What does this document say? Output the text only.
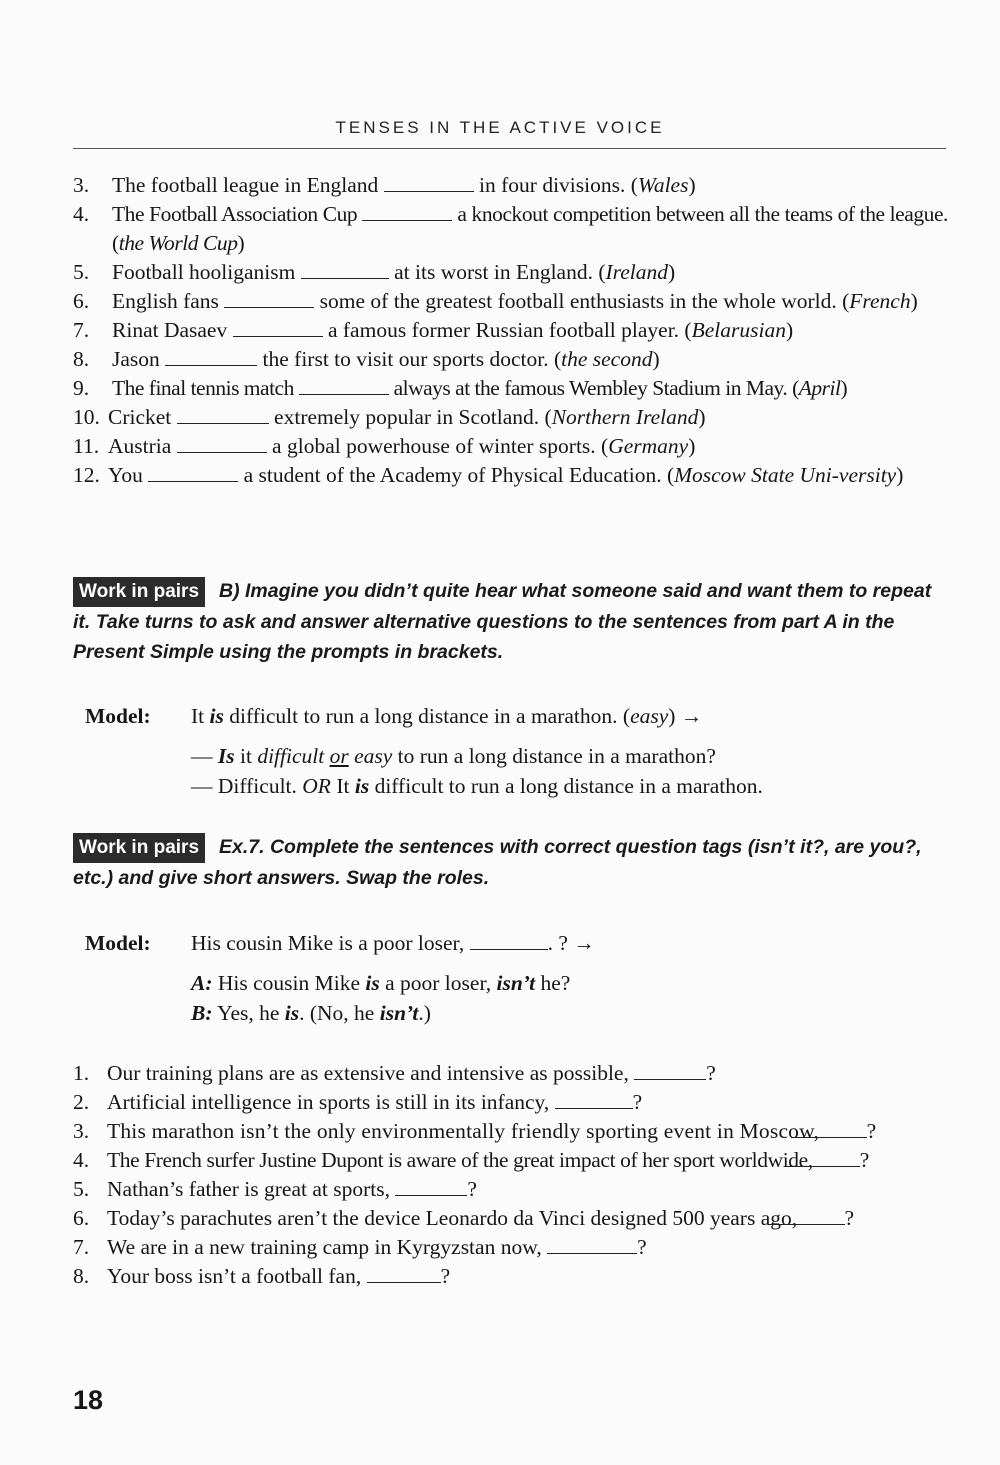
TENSES IN THE ACTIVE VOICE
3.	The football league in England	in four divisions. (Wales)
4.	The Football Association Cup	a knockout competition between all the teams of the league. (the World Cup)
5.	Football hooliganism	at its worst in England. (Ireland)
6.	English fans	some of the greatest football enthusiasts in the whole world. (French)
7.	Rinat Dasaev	a famous former Russian football player. (Belarusian)
8.	Jason	the first to visit our sports doctor. (the second)
9.	The final tennis match	always at the famous Wembley Stadium in May. (April)
10. Cricket	extremely popular in Scotland. (Northern Ireland)
11. Austria	a global powerhouse of winter sports. (Germany)
12. You	a student of the Academy of Physical Education. (Moscow State Uni-versity)
Work in pairs B) Imagine you didn’t quite hear what someone said and want them to repeat it. Take turns to ask and answer alternative questions to the sentences from part A in the Present Simple using the prompts in brackets.
Model: It is difficult to run a long distance in a marathon. (easy) →
— Is it difficult or easy to run a long distance in a marathon?
— Difficult. OR It is difficult to run a long distance in a marathon.
Work in pairs Ex.7. Complete the sentences with correct question tags (isn’t it?, are you?, etc.) and give short answers. Swap the roles.
Model: His cousin Mike is a poor loser,	. ? →
A: His cousin Mike is a poor loser, isn’t he?
B: Yes, he is. (No, he isn’t.)
1. Our training plans are as extensive and intensive as possible,	?
2. Artificial intelligence in sports is still in its infancy,	?
3. This marathon isn’t the only environmentally friendly sporting event in Moscow, ?
4. The French surfer Justine Dupont is aware of the great impact of her sport worldwide, ?
5. Nathan’s father is great at sports,	?
6. Today’s parachutes aren’t the device Leonardo da Vinci designed 500 years ago, ?
7. We are in a new training camp in Kyrgyzstan now,	?
8. Your boss isn’t a football fan,	?
18
